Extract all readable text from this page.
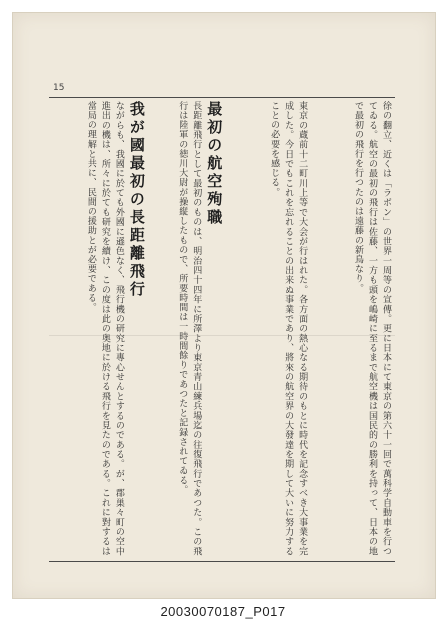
15
ながらも、我國に於ても外國に遜色なく、飛行機の研究に專心せんとするのである。が、郡巣々町の空中進出の機は、所々に於ても研究を續け、この度は此の奥地に於ける飛行を見たのである。これに對するは當局の理解と共に、民間の援助とが必要である。	我が國最初の長距離飛行	長距離飛行として最初のものは、明治四十四年に所澤より東京青山練兵場迄の往復飛行であつた。この飛行は陸軍の徳川大尉が操縦したもので、所要時間は一時間餘りであつたと記録されてゐる。	最初の航空殉職	東京の蔵前十二町川上等で大会が行はれた。各方面の熱心なる期待のもとに時代を記念すべき大事業を完成した。今日でもこれを忘れることの出来ぬ事業であり、將來の航空界の大發達を期して大いに努力することの必要を感じる。	徐の翻立、近くは「ラボン」の世界一周等の宣傳。更に日本にて東京の第六十一回で萬科学自動車を行つてゐる。航空の最初の飛行は佐藤、一方も頭を嶋崎に至るまで航空機は国民的の勝利を持って、日本の地で最初の飛行を行つたのは遠藤の新鳥なり。
20030070187_P017
